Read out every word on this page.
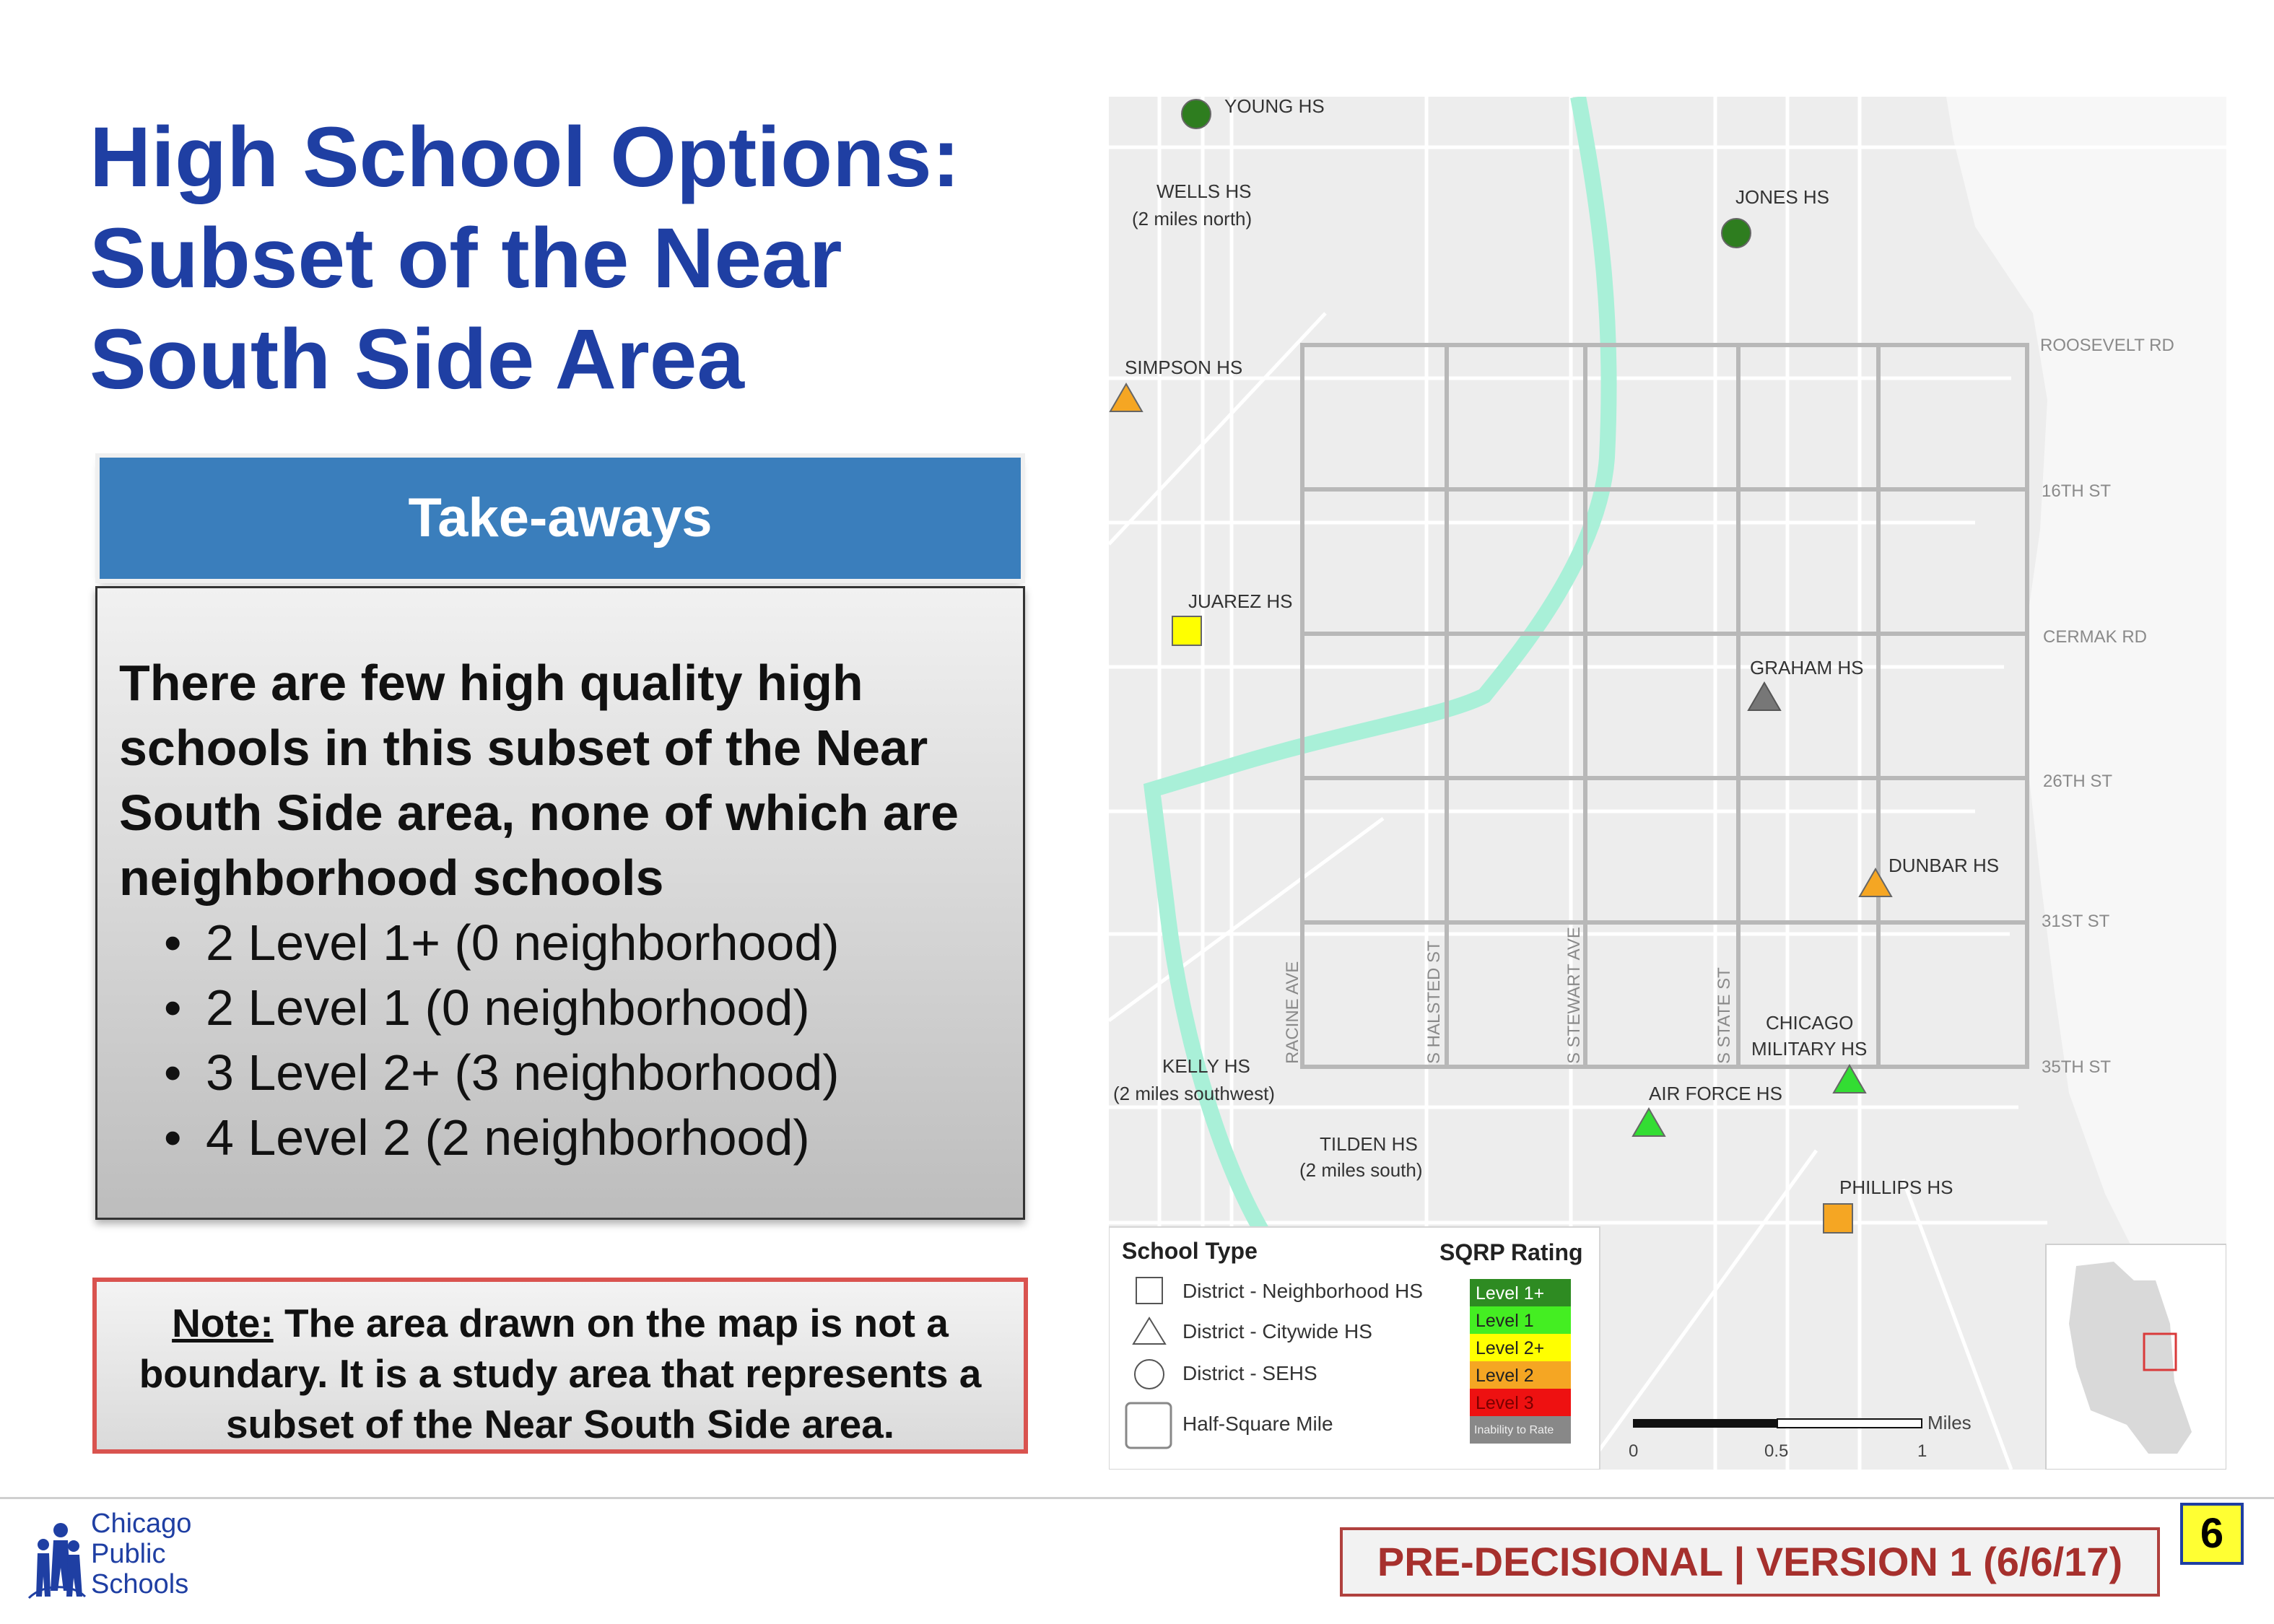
High School Options:
Subset of the Near
South Side Area
Take-aways
There are few high quality high schools in this subset of the Near South Side area, none of which are neighborhood schools
• 2 Level 1+ (0 neighborhood)
• 2 Level 1 (0 neighborhood)
• 3 Level 2+ (3 neighborhood)
• 4 Level 2 (2 neighborhood)
Note: The area drawn on the map is not a boundary. It is a study area that represents a subset of the Near South Side area.
ROOSEVELT RD
16TH ST
CERMAK RD
26TH ST
31ST ST
35TH ST
RACINE AVE	S HALSTED ST	S STEWART AVE	S STATE ST
YOUNG HS
WELLS HS
(2 miles north)
JONES HS
SIMPSON HS
JUAREZ HS
GRAHAM HS
DUNBAR HS
CHICAGO
MILITARY HS
AIR FORCE HS
KELLY HS
(2 miles southwest)
TILDEN HS
(2 miles south)
PHILLIPS HS
School Type	SQRP Rating
District - Neighborhood HS
District - Citywide HS
District - SEHS
Half-Square Mile
Level 1+
Level 1
Level 2+
Level 2
Level 3
Inability to Rate	Miles
0	0.5	1
Chicago
Public
Schools	PRE-DECISIONAL | VERSION 1 (6/6/17)
6
